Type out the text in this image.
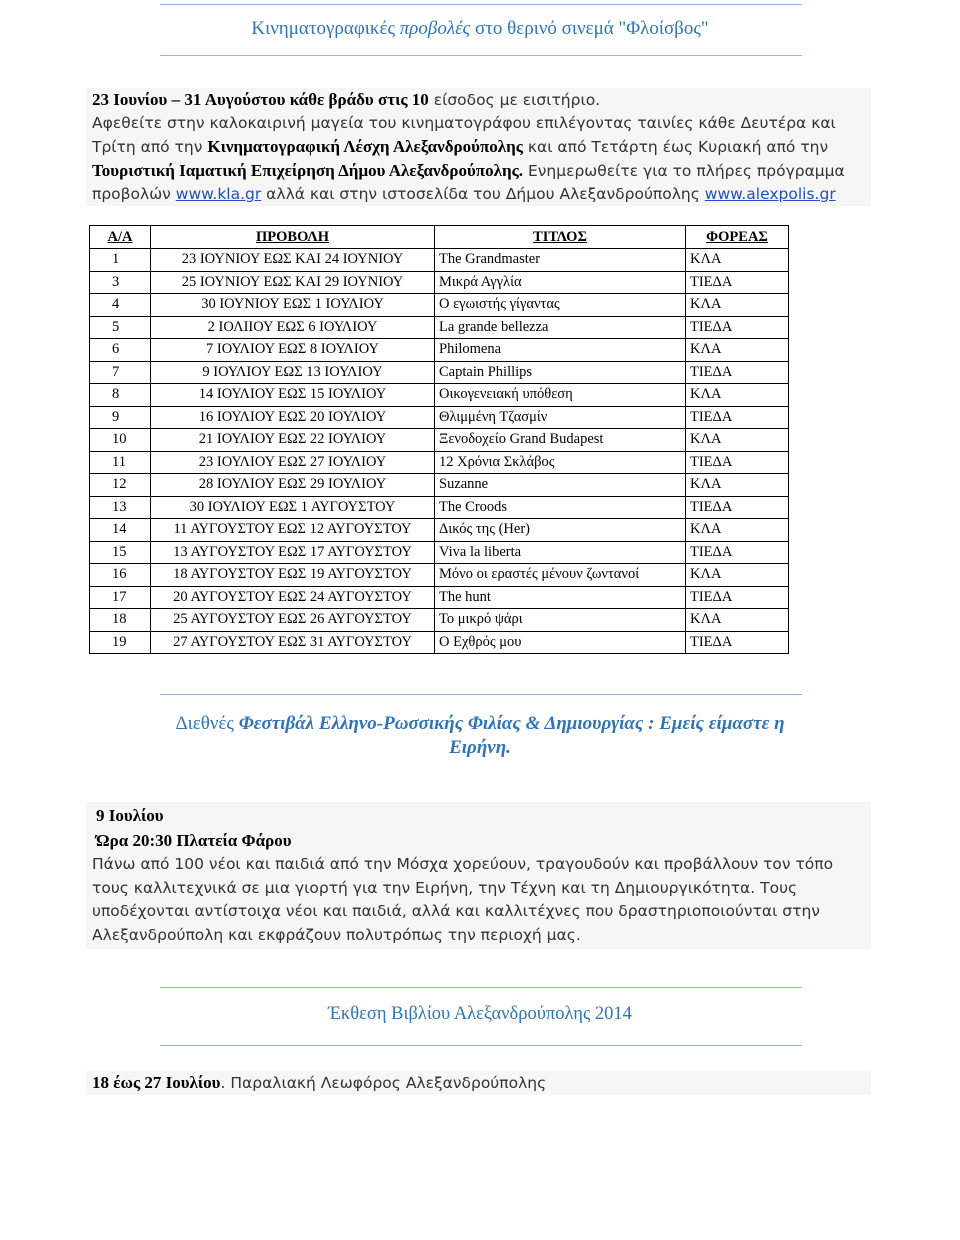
Κινηματογραφικές προβολές στο θερινό σινεμά "Φλοίσβος"
23 Ιουνίου – 31 Αυγούστου κάθε βράδυ στις 10 είσοδος με εισιτήριο.
Αφεθείτε στην καλοκαιρινή μαγεία του κινηματογράφου επιλέγοντας ταινίες κάθε Δευτέρα και Τρίτη από την Κινηματογραφική Λέσχη Αλεξανδρούπολης και από Τετάρτη έως Κυριακή από την Τουριστική Ιαματική Επιχείρηση Δήμου Αλεξανδρούπολης. Ενημερωθείτε για το πλήρες πρόγραμμα προβολών www.kla.gr αλλά και στην ιστοσελίδα του Δήμου Αλεξανδρούπολης www.alexpolis.gr
Α/Α	ΠΡΟΒΟΛΗ	ΤΙΤΛΟΣ	ΦΟΡΕΑΣ
1	23 ΙΟΥΝΙΟΥ ΕΩΣ ΚΑΙ 24 ΙΟΥΝΙΟΥ	The Grandmaster	ΚΛΑ
3	25 ΙΟΥΝΙΟΥ ΕΩΣ ΚΑΙ 29 ΙΟΥΝΙΟΥ	Μικρά Αγγλία	ΤΙΕΔΑ
4	30 ΙΟΥΝΙΟΥ ΕΩΣ 1 ΙΟΥΛΙΟΥ	Ο εγωιστής γίγαντας	ΚΛΑ
5	2 ΙΟΛΙΙΟΥ ΕΩΣ 6 ΙΟΥΛΙΟΥ	La grande bellezza	ΤΙΕΔΑ
6	7 ΙΟΥΛΙΟΥ ΕΩΣ 8 ΙΟΥΛΙΟΥ	Philomena	ΚΛΑ
7	9 ΙΟΥΛΙΟΥ ΕΩΣ 13 ΙΟΥΛΙΟΥ	Captain Phillips	ΤΙΕΔΑ
8	14 ΙΟΥΛΙΟΥ ΕΩΣ 15 ΙΟΥΛΙΟΥ	Οικογενειακή υπόθεση	ΚΛΑ
9	16 ΙΟΥΛΙΟΥ ΕΩΣ 20 ΙΟΥΛΙΟΥ	Θλιμμένη Τζασμίν	ΤΙΕΔΑ
10	21 ΙΟΥΛΙΟΥ ΕΩΣ 22 ΙΟΥΛΙΟΥ	Ξενοδοχείο Grand Budapest	ΚΛΑ
11	23 ΙΟΥΛΙΟΥ ΕΩΣ 27 ΙΟΥΛΙΟΥ	12 Χρόνια Σκλάβος	ΤΙΕΔΑ
12	28 ΙΟΥΛΙΟΥ ΕΩΣ 29 ΙΟΥΛΙΟΥ	Suzanne	ΚΛΑ
13	30 ΙΟΥΛΙΟΥ ΕΩΣ 1 ΑΥΓΟΥΣΤΟΥ	The Croods	ΤΙΕΔΑ
14	11 ΑΥΓΟΥΣΤΟΥ ΕΩΣ 12 ΑΥΓΟΥΣΤΟΥ	Δικός της (Her)	ΚΛΑ
15	13 ΑΥΓΟΥΣΤΟΥ ΕΩΣ 17 ΑΥΓΟΥΣΤΟΥ	Viva la liberta	ΤΙΕΔΑ
16	18 ΑΥΓΟΥΣΤΟΥ ΕΩΣ 19 ΑΥΓΟΥΣΤΟΥ	Μόνο οι εραστές μένουν ζωντανοί	ΚΛΑ
17	20 ΑΥΓΟΥΣΤΟΥ ΕΩΣ 24 ΑΥΓΟΥΣΤΟΥ	The hunt	ΤΙΕΔΑ
18	25 ΑΥΓΟΥΣΤΟΥ ΕΩΣ 26 ΑΥΓΟΥΣΤΟΥ	Το μικρό ψάρι	ΚΛΑ
19	27 ΑΥΓΟΥΣΤΟΥ ΕΩΣ 31 ΑΥΓΟΥΣΤΟΥ	Ο Εχθρός μου	ΤΙΕΔΑ
Διεθνές Φεστιβάλ Ελληνο-Ρωσσικής Φιλίας & Δημιουργίας : Εμείς είμαστε η Ειρήνη.
9 Ιουλίου
Ώρα 20:30 Πλατεία Φάρου
Πάνω από 100 νέοι και παιδιά από την Μόσχα χορεύουν, τραγουδούν και προβάλλουν τον τόπο τους καλλιτεχνικά σε μια γιορτή για την Ειρήνη, την Τέχνη και τη Δημιουργικότητα. Τους υποδέχονται αντίστοιχα νέοι και παιδιά, αλλά και καλλιτέχνες που δραστηριοποιούνται στην Αλεξανδρούπολη και εκφράζουν πολυτρόπως την περιοχή μας.
Έκθεση Βιβλίου Αλεξανδρούπολης 2014
18 έως 27 Ιουλίου. Παραλιακή Λεωφόρος Αλεξανδρούπολης
